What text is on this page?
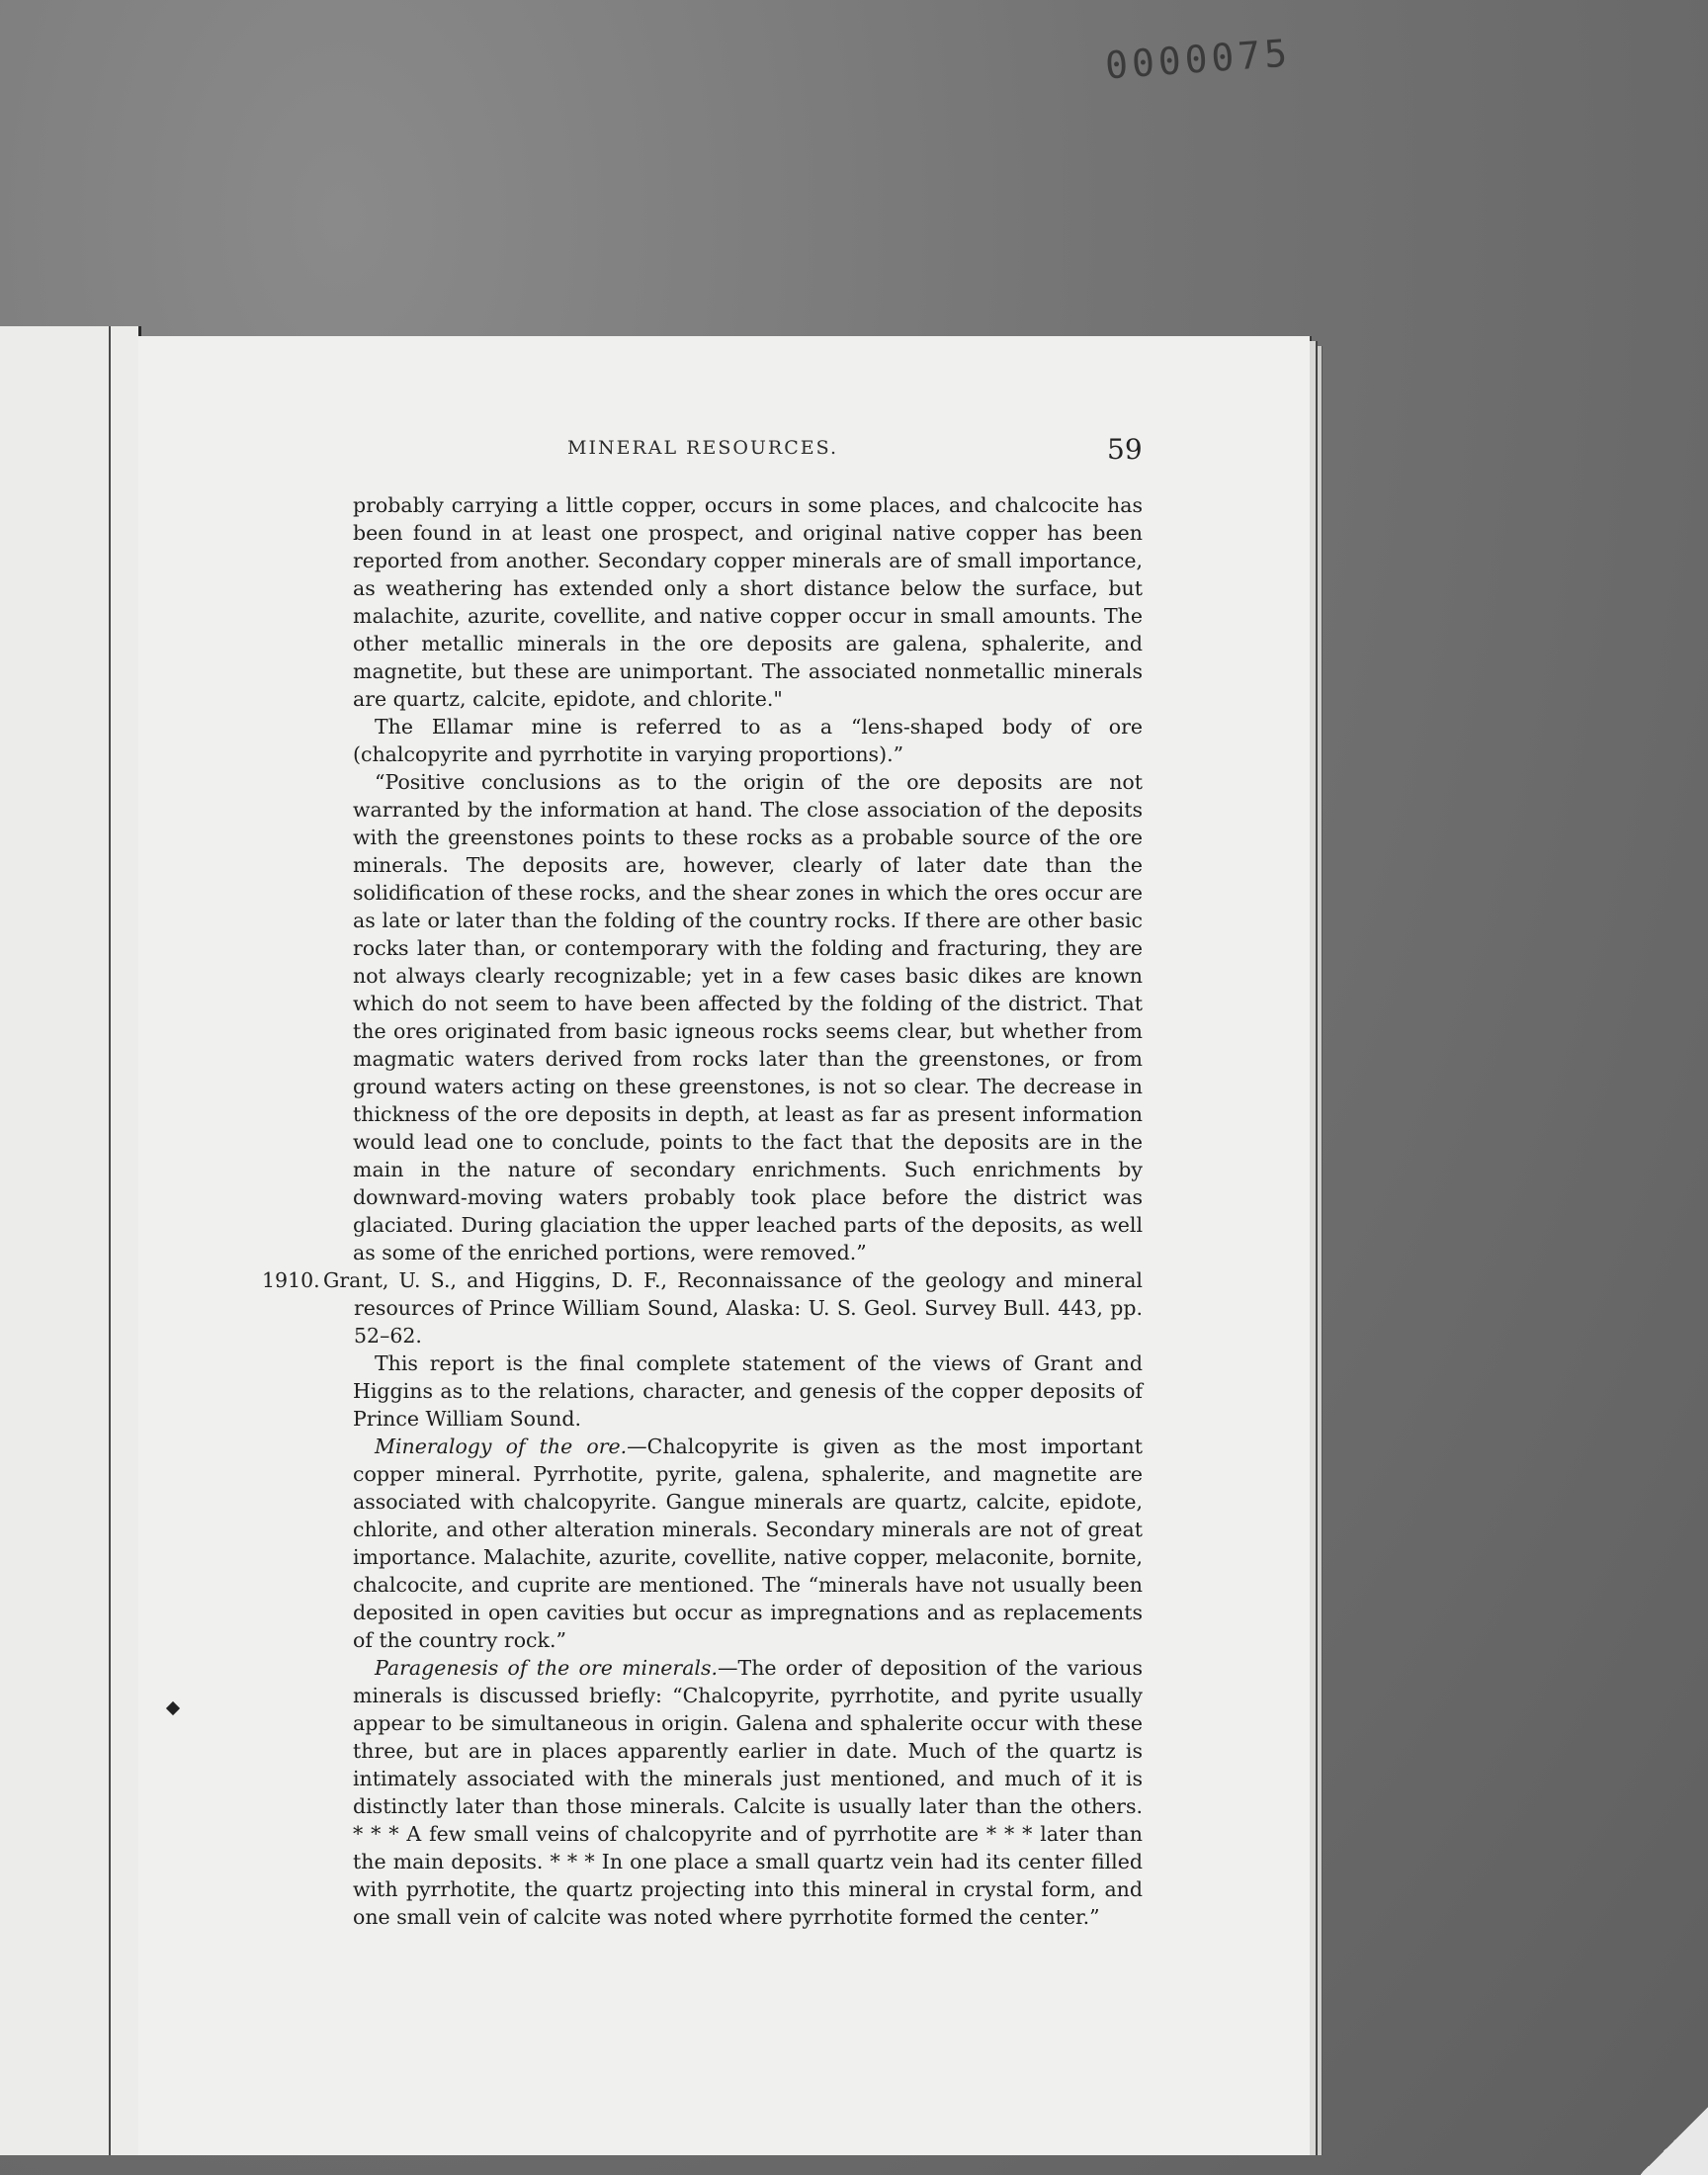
0000075
MINERAL RESOURCES.	59

probably carrying a little copper, occurs in some places, and chalcocite has been found in at least one prospect, and original native copper has been reported from another. Secondary copper minerals are of small importance, as weathering has extended only a short distance below the surface, but malachite, azurite, covellite, and native copper occur in small amounts. The other metallic minerals in the ore deposits are galena, sphalerite, and magnetite, but these are unimportant. The associated nonmetallic minerals are quartz, calcite, epidote, and chlorite."

The Ellamar mine is referred to as a “lens-shaped body of ore (chalcopyrite and pyrrhotite in varying proportions).”

“Positive conclusions as to the origin of the ore deposits are not warranted by the information at hand. The close association of the deposits with the greenstones points to these rocks as a probable source of the ore minerals. The deposits are, however, clearly of later date than the solidification of these rocks, and the shear zones in which the ores occur are as late or later than the folding of the country rocks. If there are other basic rocks later than, or contemporary with the folding and fracturing, they are not always clearly recognizable; yet in a few cases basic dikes are known which do not seem to have been affected by the folding of the district. That the ores originated from basic igneous rocks seems clear, but whether from magmatic waters derived from rocks later than the greenstones, or from ground waters acting on these greenstones, is not so clear. The decrease in thickness of the ore deposits in depth, at least as far as present information would lead one to conclude, points to the fact that the deposits are in the main in the nature of secondary enrichments. Such enrichments by downward-moving waters probably took place before the district was glaciated. During glaciation the upper leached parts of the deposits, as well as some of the enriched portions, were removed.”

1910. Grant, U. S., and Higgins, D. F., Reconnaissance of the geology and mineral resources of Prince William Sound, Alaska: U. S. Geol. Survey Bull. 443, pp. 52–62.

This report is the final complete statement of the views of Grant and Higgins as to the relations, character, and genesis of the copper deposits of Prince William Sound.

Mineralogy of the ore.—Chalcopyrite is given as the most important copper mineral. Pyrrhotite, pyrite, galena, sphalerite, and magnetite are associated with chalcopyrite. Gangue minerals are quartz, calcite, epidote, chlorite, and other alteration minerals. Secondary minerals are not of great importance. Malachite, azurite, covellite, native copper, melaconite, bornite, chalcocite, and cuprite are mentioned. The “minerals have not usually been deposited in open cavities but occur as impregnations and as replacements of the country rock.”

Paragenesis of the ore minerals.—The order of deposition of the various minerals is discussed briefly: “Chalcopyrite, pyrrhotite, and pyrite usually appear to be simultaneous in origin. Galena and sphalerite occur with these three, but are in places apparently earlier in date. Much of the quartz is intimately associated with the minerals just mentioned, and much of it is distinctly later than those minerals. Calcite is usually later than the others. * * * A few small veins of chalcopyrite and of pyrrhotite are * * * later than the main deposits. * * * In one place a small quartz vein had its center filled with pyrrhotite, the quartz projecting into this mineral in crystal form, and one small vein of calcite was noted where pyrrhotite formed the center.”
